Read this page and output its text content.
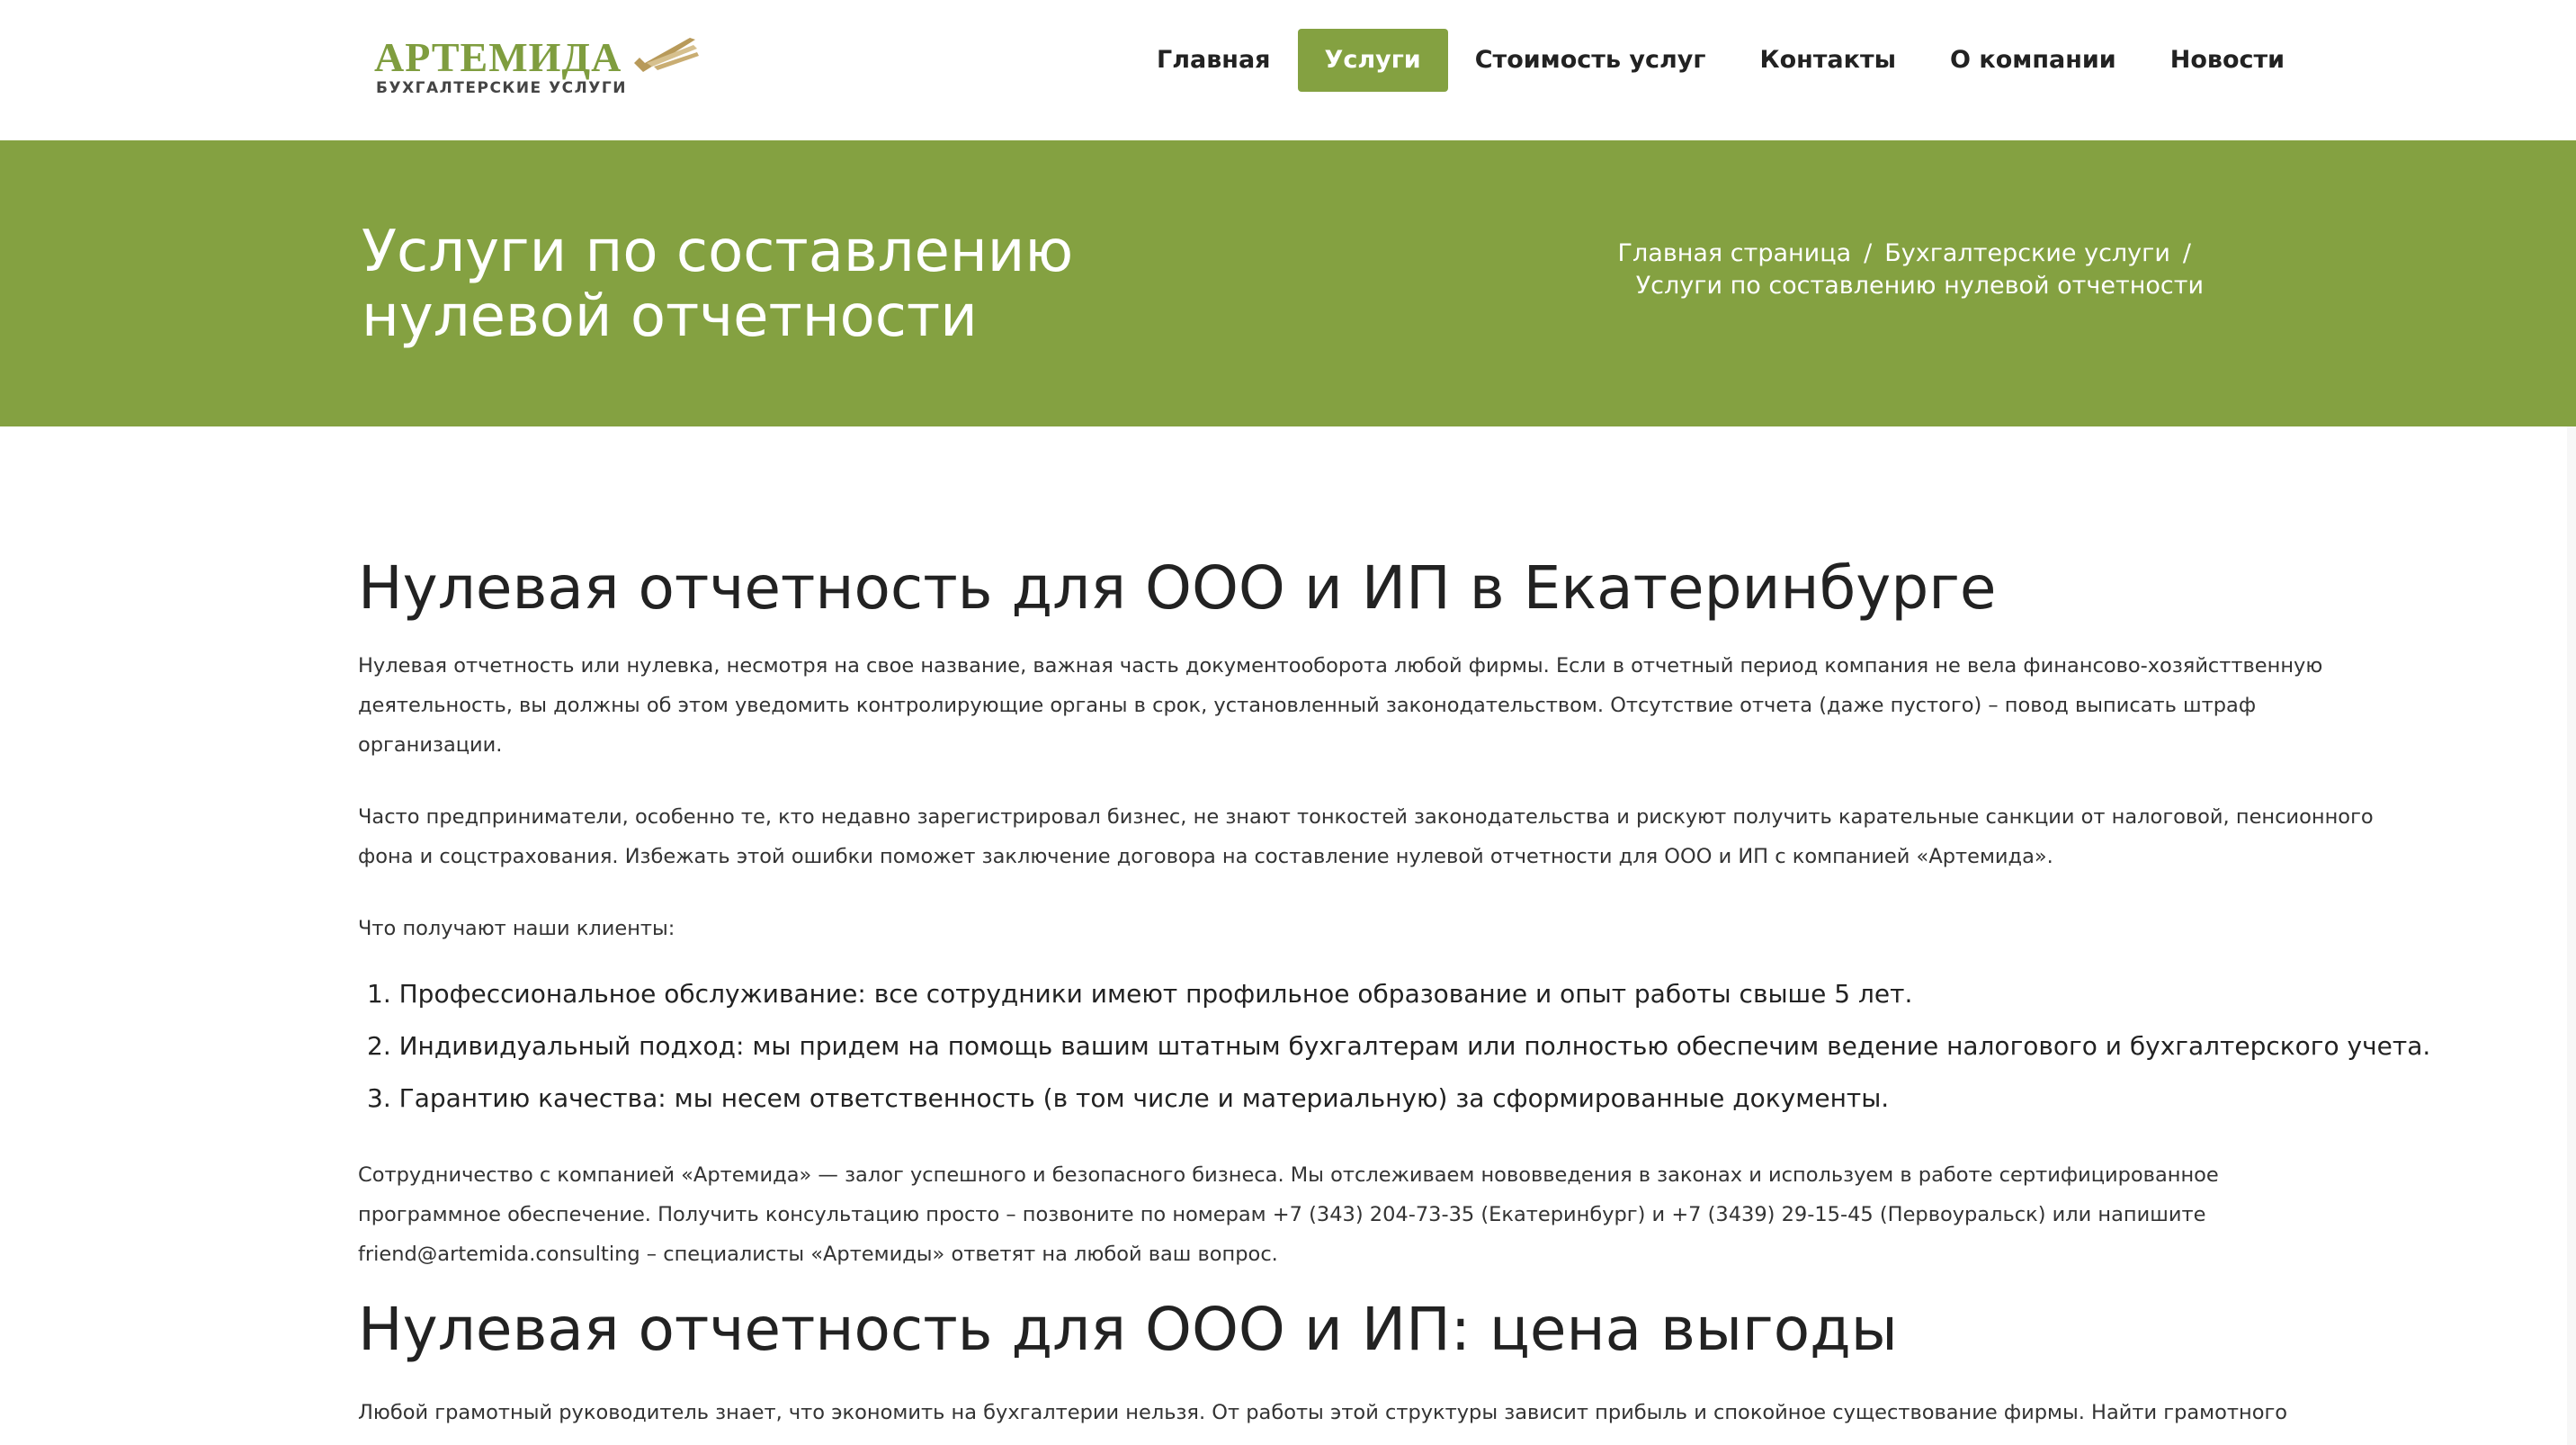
АРТЕМИДА
БУХГАЛТЕРСКИЕ УСЛУГИ
Главная	Услуги	Стоимость услуг	Контакты	О компании	Новости
Услуги по составлению
нулевой отчетности
Главная страница / Бухгалтерские услуги /
Услуги по составлению нулевой отчетности
Нулевая отчетность для ООО и ИП в Екатеринбурге

Нулевая отчетность или нулевка, несмотря на свое название, важная часть документооборота любой фирмы. Если в отчетный период компания не вела финансово-хозяйсттвенную
деятельность, вы должны об этом уведомить контролирующие органы в срок, установленный законодательством. Отсутствие отчета (даже пустого) – повод выписать штраф
организации.

Часто предприниматели, особенно те, кто недавно зарегистрировал бизнес, не знают тонкостей законодательства и рискуют получить карательные санкции от налоговой, пенсионного
фона и соцстрахования. Избежать этой ошибки поможет заключение договора на составление нулевой отчетности для ООО и ИП с компанией «Артемида».

Что получают наши клиенты:

1. Профессиональное обслуживание: все сотрудники имеют профильное образование и опыт работы свыше 5 лет.
2. Индивидуальный подход: мы придем на помощь вашим штатным бухгалтерам или полностью обеспечим ведение налогового и бухгалтерского учета.
3. Гарантию качества: мы несем ответственность (в том числе и материальную) за сформированные документы.

Сотрудничество с компанией «Артемида» — залог успешного и безопасного бизнеса. Мы отслеживаем нововведения в законах и используем в работе сертифицированное
программное обеспечение. Получить консультацию просто – позвоните по номерам +7 (343) 204-73-35 (Екатеринбург) и +7 (3439) 29-15-45 (Первоуральск) или напишите
friend@artemida.consulting – специалисты «Артемиды» ответят на любой ваш вопрос.

Нулевая отчетность для ООО и ИП: цена выгоды

Любой грамотный руководитель знает, что экономить на бухгалтерии нельзя. От работы этой структуры зависит прибыль и спокойное существование фирмы. Найти грамотного
